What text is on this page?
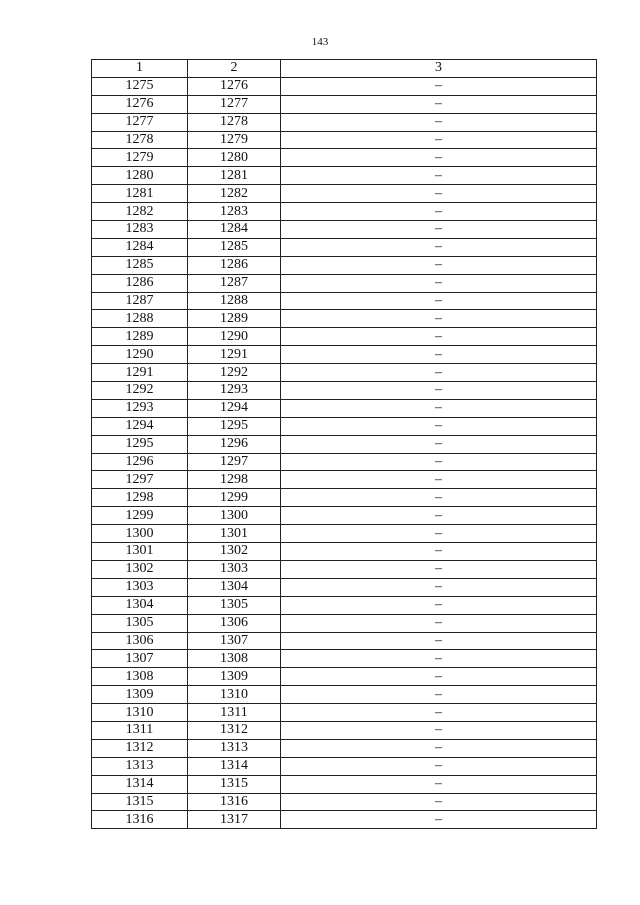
143
1	2	3
1275	1276	–
1276	1277	–
1277	1278	–
1278	1279	–
1279	1280	–
1280	1281	–
1281	1282	–
1282	1283	–
1283	1284	–
1284	1285	–
1285	1286	–
1286	1287	–
1287	1288	–
1288	1289	–
1289	1290	–
1290	1291	–
1291	1292	–
1292	1293	–
1293	1294	–
1294	1295	–
1295	1296	–
1296	1297	–
1297	1298	–
1298	1299	–
1299	1300	–
1300	1301	–
1301	1302	–
1302	1303	–
1303	1304	–
1304	1305	–
1305	1306	–
1306	1307	–
1307	1308	–
1308	1309	–
1309	1310	–
1310	1311	–
1311	1312	–
1312	1313	–
1313	1314	–
1314	1315	–
1315	1316	–
1316	1317	–
